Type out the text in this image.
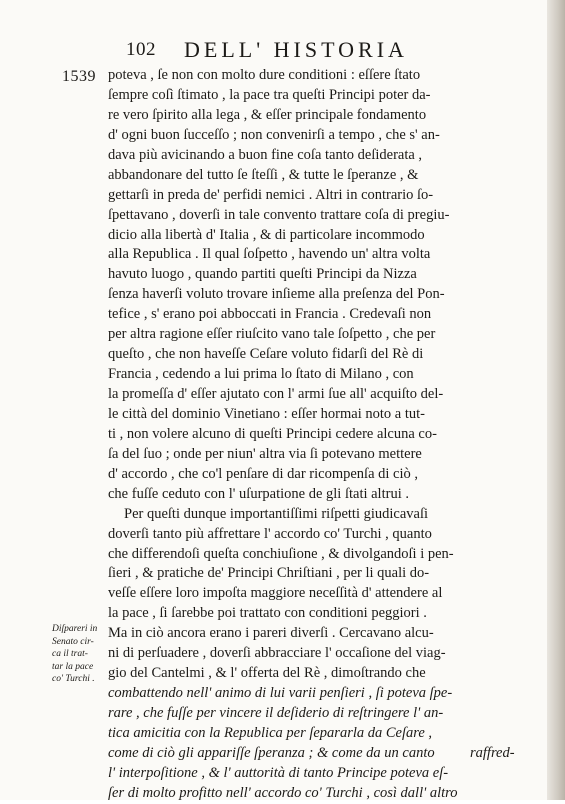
102 DELL' HISTORIA
1539 poteva , ſe non con molto dure conditioni : eſſere ſtato
ſempre coſì ſtimato , la pace tra queſti Principi poter da-
re vero ſpirito alla lega , & eſſer principale fondamento
d' ogni buon ſucceſſo ; non convenirſi a tempo , che s' an-
dava più avicinando a buon fine coſa tanto deſiderata ,
abbandonare del tutto ſe ſteſſi , & tutte le ſperanze , &
gettarſi in preda de' perfidi nemici . Altri in contrario ſo-
ſpettavano , doverſi in tale convento trattare coſa di pregiu-
dicio alla libertà d' Italia , & di particolare incommodo
alla Republica . Il qual ſoſpetto , havendo un' altra volta
havuto luogo , quando partiti queſti Principi da Nizza
ſenza haverſi voluto trovare inſieme alla preſenza del Pon-
tefice , s' erano poi abboccati in Francia . Credevaſi non
per altra ragione eſſer riuſcito vano tale ſoſpetto , che per
queſto , che non haveſſe Ceſare voluto fidarſi del Rè di
Francia , cedendo a lui prima lo ſtato di Milano , con
la promeſſa d' eſſer ajutato con l' armi ſue all' acquiſto del-
le città del dominio Vinetiano : eſſer hormai noto a tut-
ti , non volere alcuno di queſti Principi cedere alcuna co-
ſa del ſuo ; onde per niun' altra via ſi potevano mettere
d' accordo , che co'l penſare di dar ricompenſa di ciò ,
che fuſſe ceduto con l' uſurpatione de gli ſtati altrui .
Per queſti dunque importantiſſimi riſpetti giudicavaſi
doverſi tanto più affrettare l' accordo co' Turchi , quanto
che differendoſi queſta conchiuſione , & divolgandoſi i pen-
ſieri , & pratiche de' Principi Chriſtiani , per li quali do-
veſſe eſſere loro impoſta maggiore neceſſità d' attendere al
la pace , ſi ſarebbe poi trattato con conditioni peggiori .
Ma in ciò ancora erano i pareri diverſi . Cercavano alcu-
ni di perſuadere , doverſi abbracciare l' occaſione del viag-
gio del Cantelmi , & l' offerta del Rè , dimoſtrando che
combattendo nell' animo di lui varii penſieri , ſi poteva ſpe-
rare , che fuſſe per vincere il deſiderio di reſtringere l' an-
tica amicitia con la Republica per ſepararla da Ceſare ,
come di ciò gli appariſſe ſperanza ; & come da un canto
l' interpoſitione , & l' auttorità di tanto Principe poteva eſ-
ſer di molto profitto nell' accordo co' Turchi , così dall' altro
Diſpareri in
Senato cir-
ca il trat-
tar la pace
co' Turchi .
raffred-
